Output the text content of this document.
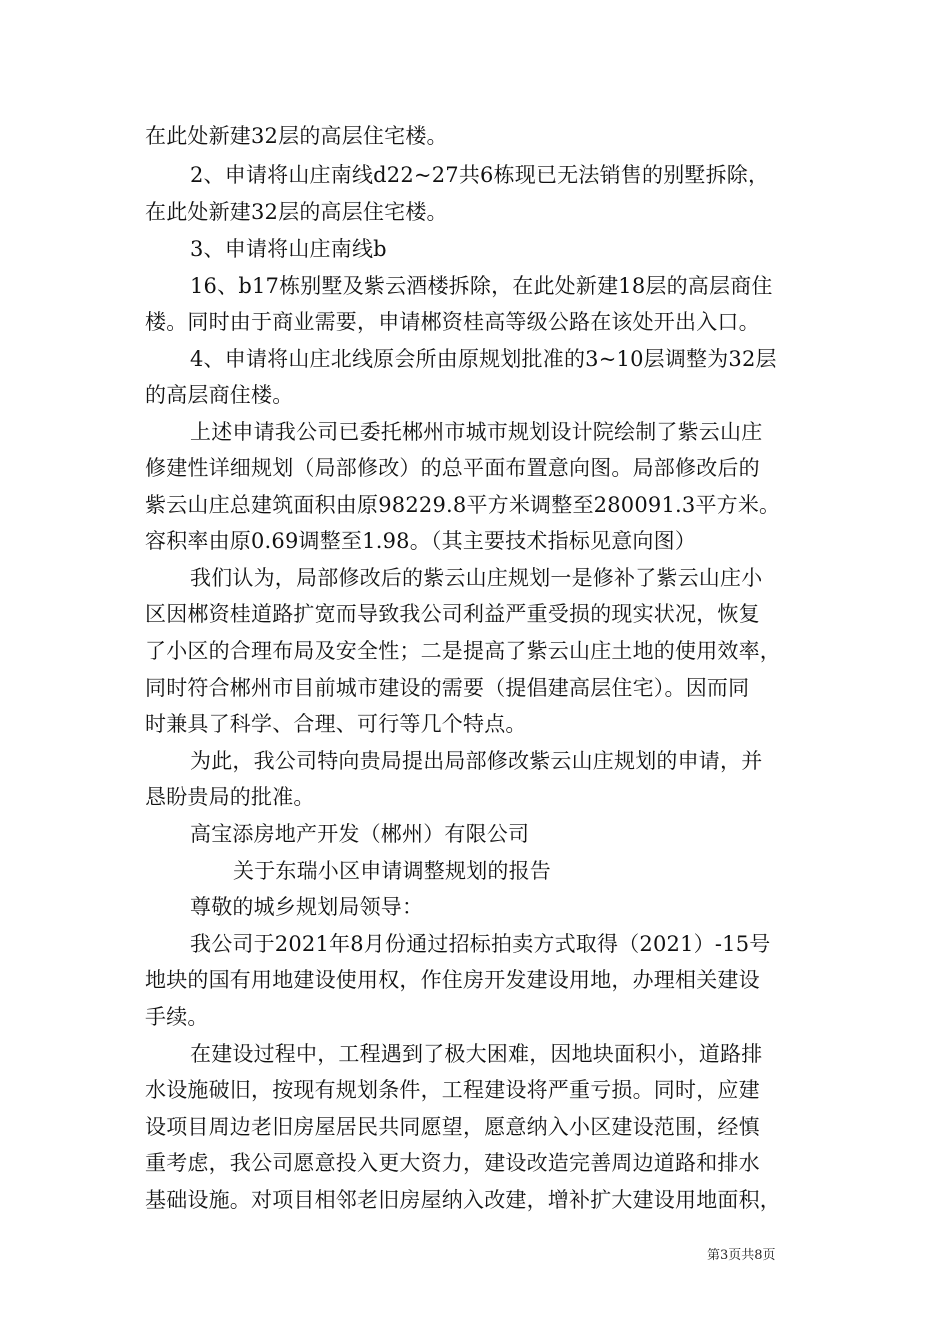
在此处新建32层的高层住宅楼。
2、申请将山庄南线d22~27共6栋现已无法销售的别墅拆除，
在此处新建32层的高层住宅楼。
3、申请将山庄南线b
16、b17栋别墅及紫云酒楼拆除，在此处新建18层的高层商住
楼。同时由于商业需要，申请郴资桂高等级公路在该处开出入口。
4、申请将山庄北线原会所由原规划批准的3~10层调整为32层
的高层商住楼。
上述申请我公司已委托郴州市城市规划设计院绘制了紫云山庄
修建性详细规划（局部修改）的总平面布置意向图。局部修改后的
紫云山庄总建筑面积由原98229.8平方米调整至280091.3平方米。
容积率由原0.69调整至1.98。（其主要技术指标见意向图）
我们认为，局部修改后的紫云山庄规划一是修补了紫云山庄小
区因郴资桂道路扩宽而导致我公司利益严重受损的现实状况，恢复
了小区的合理布局及安全性；二是提高了紫云山庄土地的使用效率，
同时符合郴州市目前城市建设的需要（提倡建高层住宅）。因而同
时兼具了科学、合理、可行等几个特点。
为此，我公司特向贵局提出局部修改紫云山庄规划的申请，并
恳盼贵局的批准。
高宝添房地产开发（郴州）有限公司
关于东瑞小区申请调整规划的报告
尊敬的城乡规划局领导：
我公司于2021年8月份通过招标拍卖方式取得（2021）-15号
地块的国有用地建设使用权，作住房开发建设用地，办理相关建设
手续。
在建设过程中，工程遇到了极大困难，因地块面积小，道路排
水设施破旧，按现有规划条件，工程建设将严重亏损。同时，应建
设项目周边老旧房屋居民共同愿望，愿意纳入小区建设范围，经慎
重考虑，我公司愿意投入更大资力，建设改造完善周边道路和排水
基础设施。对项目相邻老旧房屋纳入改建，增补扩大建设用地面积，
第3页共8页
